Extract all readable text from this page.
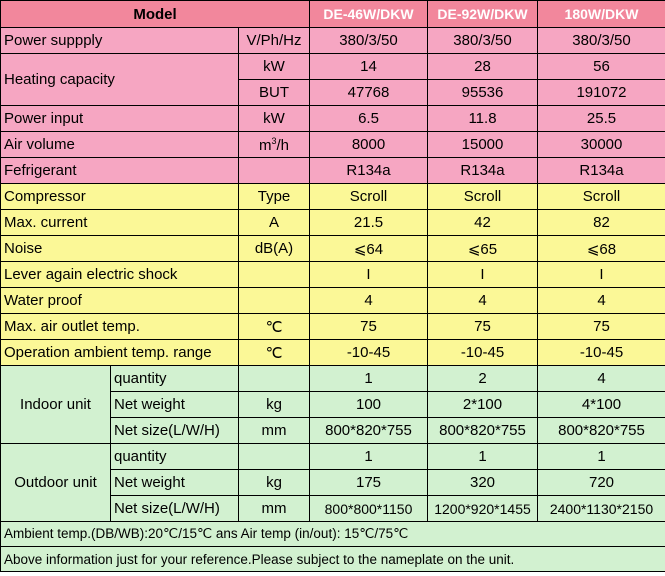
Model			DE-46W/DKW	DE-92W/DKW	180W/DKW
Power suppply		V/Ph/Hz	380/3/50	380/3/50	380/3/50
Heating capacity		kW	14	28	56
		BUT	47768	95536	191072
Power input		kW	6.5	11.8	25.5
Air volume		$m^3/h$	8000	15000	30000
Fefrigerant			R134a	R134a	R134a
Compressor		Type	Scroll	Scroll	Scroll
Max. current		A	21.5	42	82
Noise		dB(A)	⩽64	⩽65	⩽68
Lever again electric shock			I	I	I
Water proof			4	4	4
Max. air outlet temp.		℃	75	75	75
Operation ambient temp. range		℃	-10-45	-10-45	-10-45
Indoor unit	quantity		1	2	4
	Net weight	kg	100	2*100	4*100
	Net size(L/W/H)	mm	800*820*755	800*820*755	800*820*755
Outdoor unit	quantity		1	1	1
	Net weight	kg	175	320	720
	Net size(L/W/H)	mm	800*800*1150	1200*920*1455	2400*1130*2150
Ambient temp.(DB/WB):20℃/15℃ ans Air temp (in/out): 15℃/75℃					
Above information just for your reference.Please subject to the nameplate on the unit.					
